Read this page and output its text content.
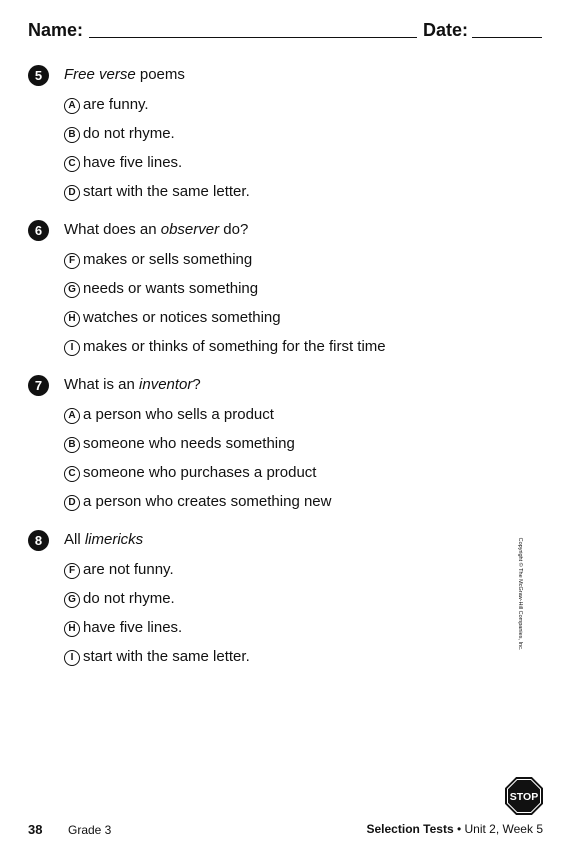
Name:	Date:
5	Free verse poems
A are funny.
B do not rhyme.
C have five lines.
D start with the same letter.
6	What does an observer do?
F makes or sells something
G needs or wants something
H watches or notices something
I makes or thinks of something for the first time
7	What is an inventor?
A a person who sells a product
B someone who needs something
C someone who purchases a product
D a person who creates something new
8	All limericks
F are not funny.
G do not rhyme.
H have five lines.
I start with the same letter.
Copyright © The McGraw-Hill Companies, Inc.
STOP
38 Grade 3	Selection Tests • Unit 2, Week 5
